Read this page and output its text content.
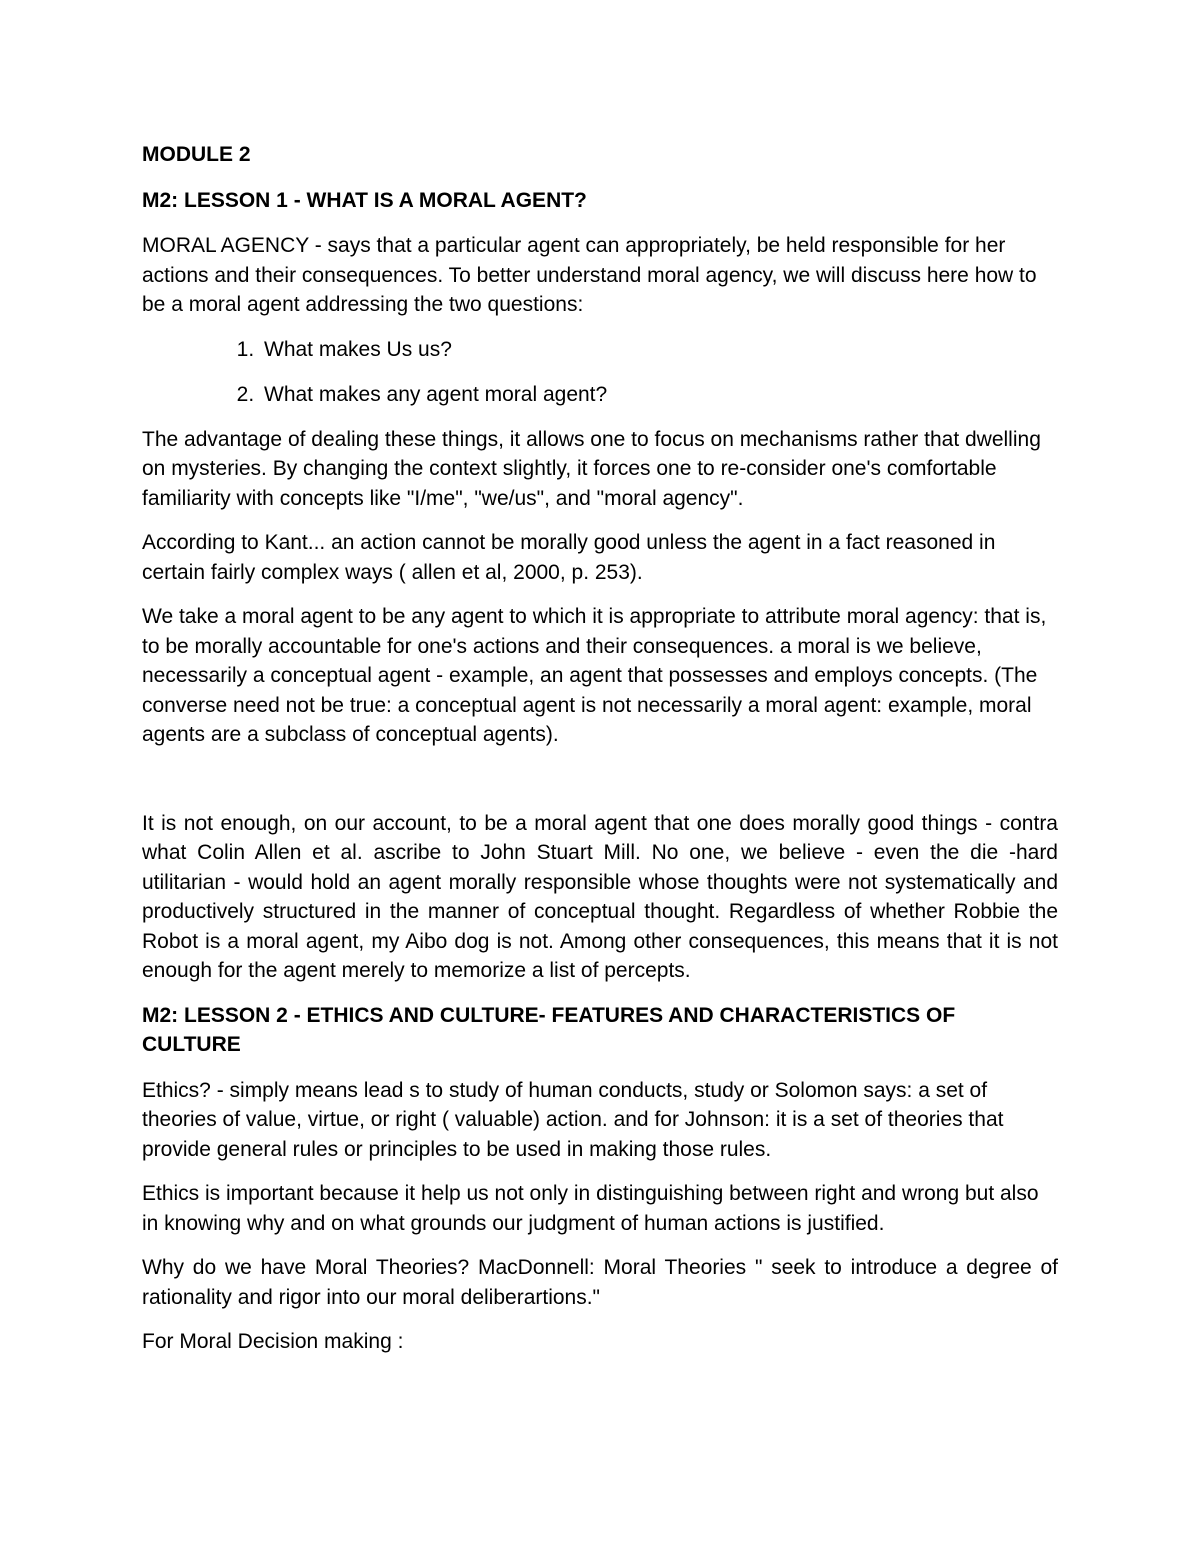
MODULE 2
M2: LESSON 1 - WHAT IS A MORAL AGENT?

MORAL AGENCY - says that a particular agent can appropriately, be held responsible for her actions and their consequences. To better understand moral agency, we will discuss here how to be a moral agent addressing the two questions:

1. What makes Us us?
2. What makes any agent moral agent?

The advantage of dealing these things, it allows one to focus on mechanisms rather that dwelling on mysteries. By changing the context slightly, it forces one to re-consider one's comfortable familiarity with concepts like "I/me", "we/us", and "moral agency".

According to Kant... an action cannot be morally good unless the agent in a fact reasoned in certain fairly complex ways ( allen et al, 2000, p. 253).

We take a moral agent to be any agent to which it is appropriate to attribute moral agency: that is, to be morally accountable for one's actions and their consequences. a moral is we believe, necessarily a conceptual agent - example, an agent that possesses and employs concepts. (The converse need not be true: a conceptual agent is not necessarily a moral agent: example, moral agents are a subclass of conceptual agents).

It is not enough, on our account, to be a moral agent that one does morally good things - contra what Colin Allen et al. ascribe to John Stuart Mill. No one, we believe - even the die -hard utilitarian - would hold an agent morally responsible whose thoughts were not systematically and productively structured in the manner of conceptual thought. Regardless of whether Robbie the Robot is a moral agent, my Aibo dog is not. Among other consequences, this means that it is not enough for the agent merely to memorize a list of percepts.

M2: LESSON 2 - ETHICS AND CULTURE- FEATURES AND CHARACTERISTICS OF CULTURE

Ethics? - simply means lead s to study of human conducts, study or Solomon says: a set of theories of value, virtue, or right ( valuable) action. and for Johnson: it is a set of theories that provide general rules or principles to be used in making those rules.

Ethics is important because it help us not only in distinguishing between right and wrong but also in knowing why and on what grounds our judgment of human actions is justified.

Why do we have Moral Theories? MacDonnell: Moral Theories " seek to introduce a degree of rationality and rigor into our moral deliberartions."

For Moral Decision making :
